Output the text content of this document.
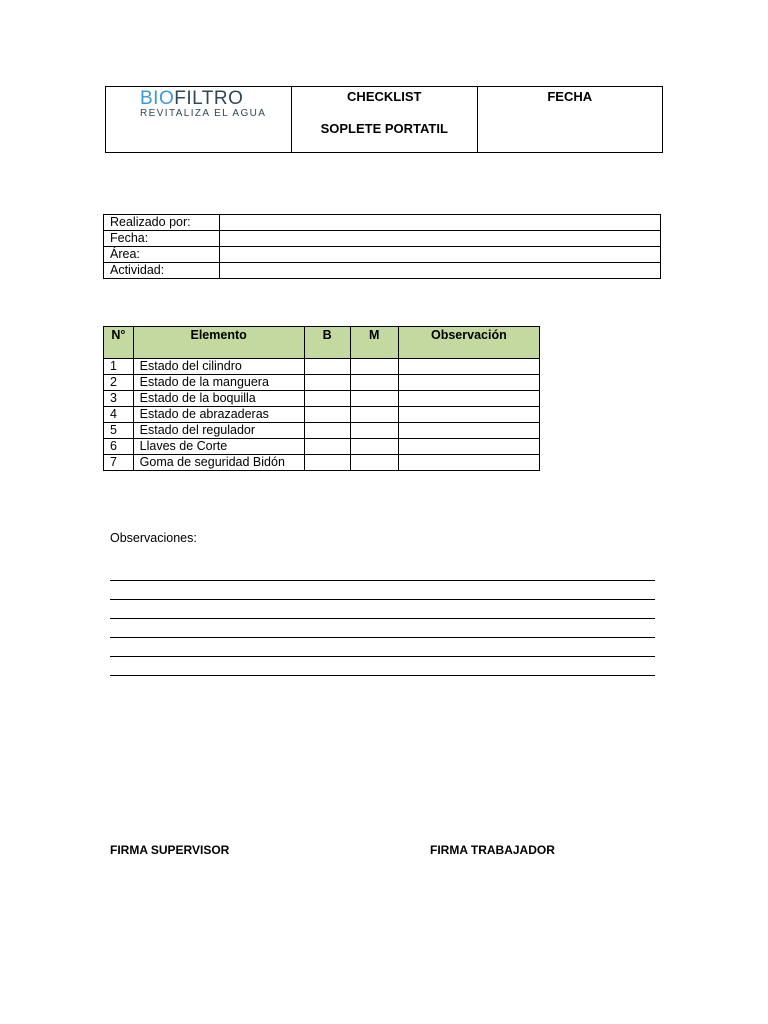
BIOFILTRO
REVITALIZA EL AGUA

CHECKLIST
SOPLETE PORTATIL

FECHA
Realizado por:	
Fecha:	
Área:	
Actividad:	
N°	Elemento	B	M	Observación
1	Estado del cilindro			
2	Estado de la manguera			
3	Estado de la boquilla			
4	Estado de abrazaderas			
5	Estado del regulador			
6	Llaves de Corte			
7	Goma de seguridad Bidón			
Observaciones:
FIRMA SUPERVISOR	FIRMA TRABAJADOR
